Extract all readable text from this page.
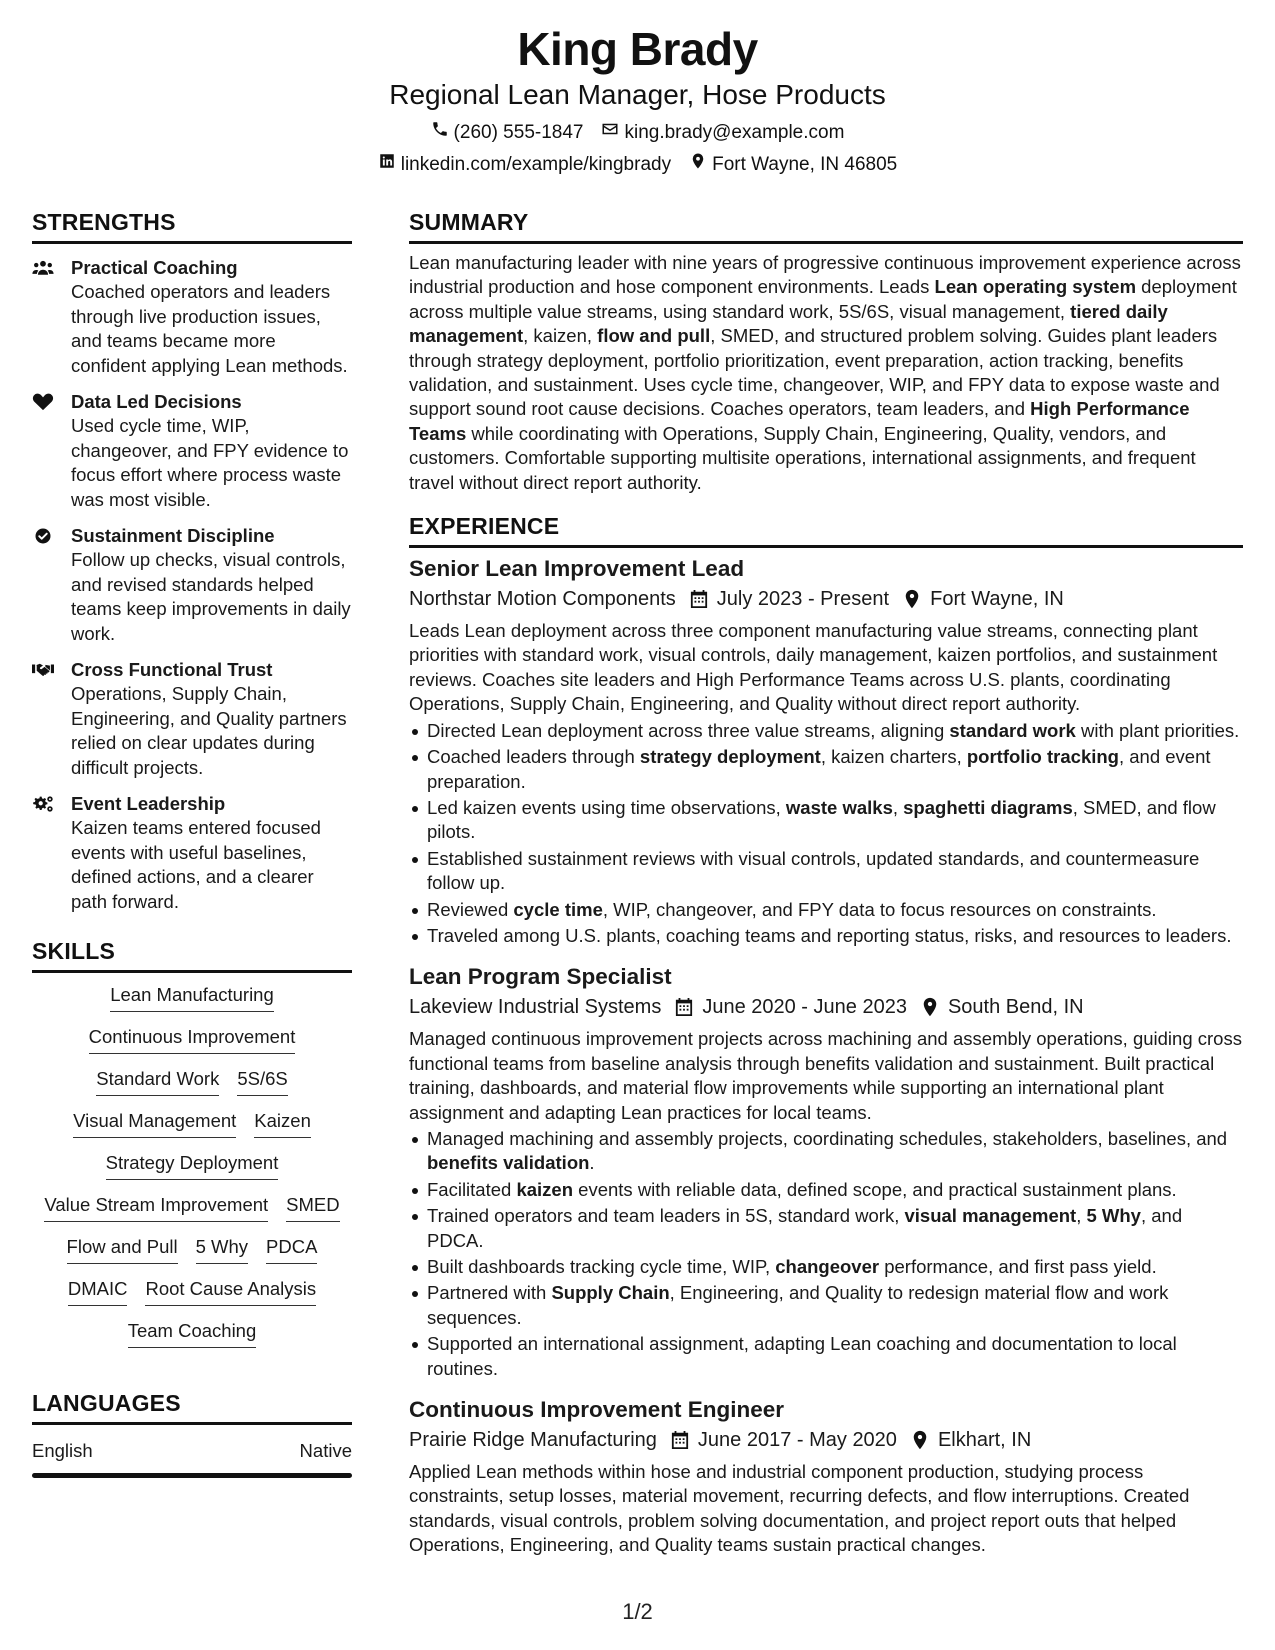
King Brady
Regional Lean Manager, Hose Products
(260) 555-1847 king.brady@example.com
linkedin.com/example/kingbrady Fort Wayne, IN 46805
STRENGTHS
Practical Coaching
Coached operators and leaders through live production issues, and teams became more confident applying Lean methods.
Data Led Decisions
Used cycle time, WIP, changeover, and FPY evidence to focus effort where process waste was most visible.
Sustainment Discipline
Follow up checks, visual controls, and revised standards helped teams keep improvements in daily work.
Cross Functional Trust
Operations, Supply Chain, Engineering, and Quality partners relied on clear updates during difficult projects.
Event Leadership
Kaizen teams entered focused events with useful baselines, defined actions, and a clearer path forward.
SKILLS
Lean Manufacturing
Continuous Improvement
Standard Work 5S/6S
Visual Management Kaizen
Strategy Deployment
Value Stream Improvement SMED
Flow and Pull 5 Why PDCA
DMAIC Root Cause Analysis
Team Coaching
LANGUAGES
English	Native
SUMMARY

Lean manufacturing leader with nine years of progressive continuous improvement experience across industrial production and hose component environments. Leads Lean operating system deployment across multiple value streams, using standard work, 5S/6S, visual management, tiered daily management, kaizen, flow and pull, SMED, and structured problem solving. Guides plant leaders through strategy deployment, portfolio prioritization, event preparation, action tracking, benefits validation, and sustainment. Uses cycle time, changeover, WIP, and FPY data to expose waste and support sound root cause decisions. Coaches operators, team leaders, and High Performance Teams while coordinating with Operations, Supply Chain, Engineering, Quality, vendors, and customers. Comfortable supporting multisite operations, international assignments, and frequent travel without direct report authority.

EXPERIENCE
Senior Lean Improvement Lead
Northstar Motion Components July 2023 - Present Fort Wayne, IN

Leads Lean deployment across three component manufacturing value streams, connecting plant priorities with standard work, visual controls, daily management, kaizen portfolios, and sustainment reviews. Coaches site leaders and High Performance Teams across U.S. plants, coordinating Operations, Supply Chain, Engineering, and Quality without direct report authority.

Directed Lean deployment across three value streams, aligning standard work with plant priorities.
Coached leaders through strategy deployment, kaizen charters, portfolio tracking, and event preparation.
Led kaizen events using time observations, waste walks, spaghetti diagrams, SMED, and flow pilots.
Established sustainment reviews with visual controls, updated standards, and countermeasure follow up.
Reviewed cycle time, WIP, changeover, and FPY data to focus resources on constraints.
Traveled among U.S. plants, coaching teams and reporting status, risks, and resources to leaders.
Lean Program Specialist
Lakeview Industrial Systems June 2020 - June 2023 South Bend, IN

Managed continuous improvement projects across machining and assembly operations, guiding cross functional teams from baseline analysis through benefits validation and sustainment. Built practical training, dashboards, and material flow improvements while supporting an international plant assignment and adapting Lean practices for local teams.

Managed machining and assembly projects, coordinating schedules, stakeholders, baselines, and benefits validation.
Facilitated kaizen events with reliable data, defined scope, and practical sustainment plans.
Trained operators and team leaders in 5S, standard work, visual management, 5 Why, and PDCA.
Built dashboards tracking cycle time, WIP, changeover performance, and first pass yield.
Partnered with Supply Chain, Engineering, and Quality to redesign material flow and work sequences.
Supported an international assignment, adapting Lean coaching and documentation to local routines.
Continuous Improvement Engineer
Prairie Ridge Manufacturing June 2017 - May 2020 Elkhart, IN

Applied Lean methods within hose and industrial component production, studying process constraints, setup losses, material movement, recurring defects, and flow interruptions. Created standards, visual controls, problem solving documentation, and project report outs that helped Operations, Engineering, and Quality teams sustain practical changes.

1/2
